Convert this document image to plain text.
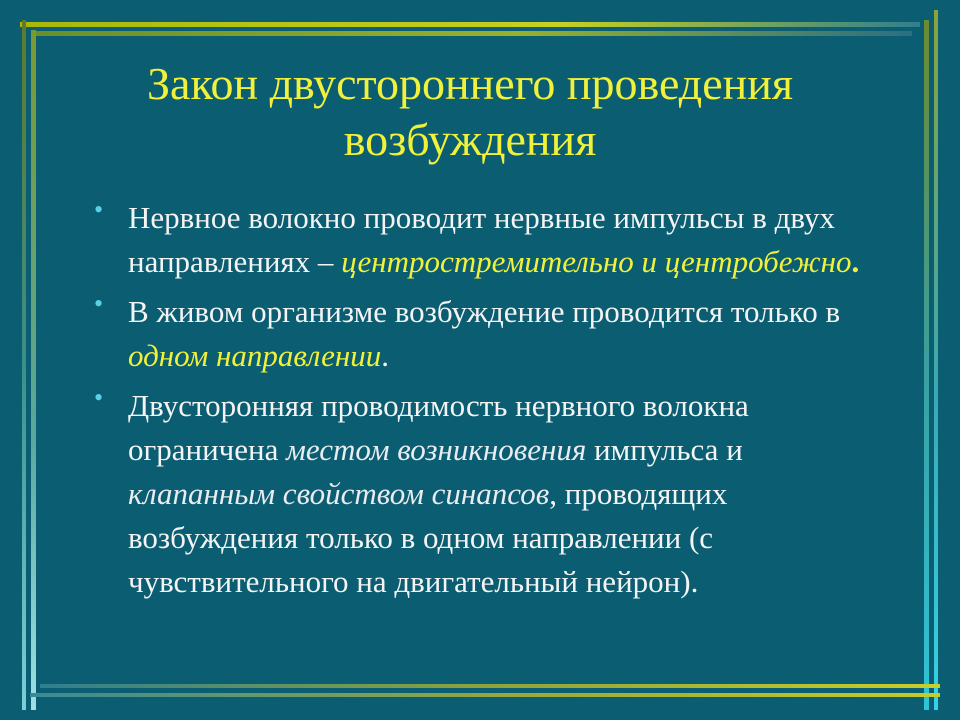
Закон двустороннего проведения
возбуждения
• Нервное волокно проводит нервные импульсы в двух направлениях – центростремительно и центробежно.
• В живом организме возбуждение проводится только в одном направлении.
• Двусторонняя проводимость нервного волокна ограничена местом возникновения импульса и клапанным свойством синапсов, проводящих возбуждения только в одном направлении (с чувствительного на двигательный нейрон).
